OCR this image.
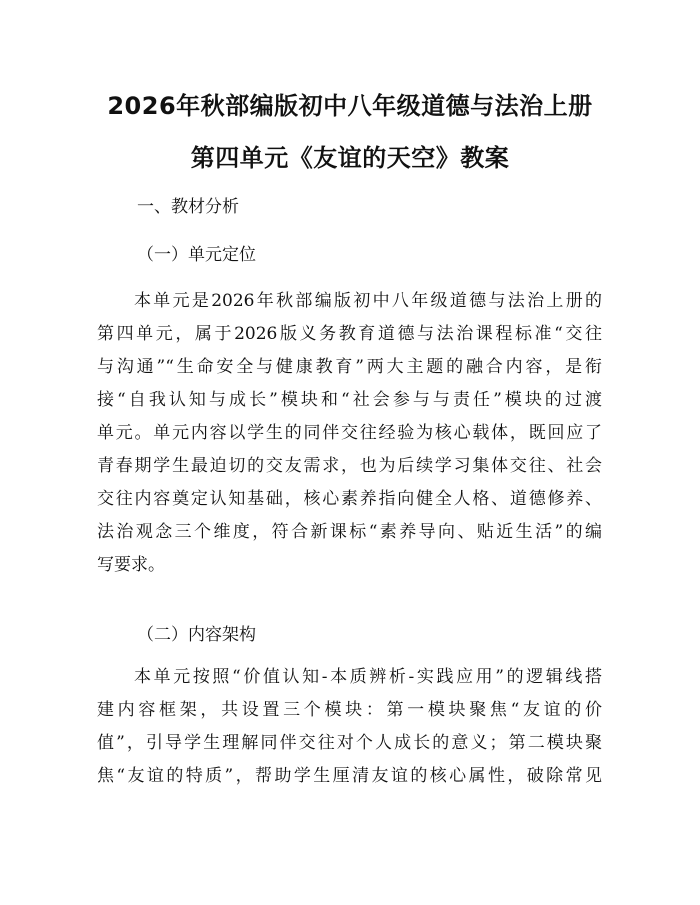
2026年秋部编版初中八年级道德与法治上册
第四单元《友谊的天空》教案
一、教材分析
（一）单元定位
本单元是2026年秋部编版初中八年级道德与法治上册的
第四单元，属于2026版义务教育道德与法治课程标准“交往
与沟通”“生命安全与健康教育”两大主题的融合内容，是衔
接“自我认知与成长”模块和“社会参与与责任”模块的过渡
单元。单元内容以学生的同伴交往经验为核心载体，既回应了
青春期学生最迫切的交友需求，也为后续学习集体交往、社会
交往内容奠定认知基础，核心素养指向健全人格、道德修养、
法治观念三个维度，符合新课标“素养导向、贴近生活”的编
写要求。
（二）内容架构
本单元按照“价值认知-本质辨析-实践应用”的逻辑线搭
建内容框架，共设置三个模块：第一模块聚焦“友谊的价
值”，引导学生理解同伴交往对个人成长的意义；第二模块聚
焦“友谊的特质”，帮助学生厘清友谊的核心属性，破除常见
